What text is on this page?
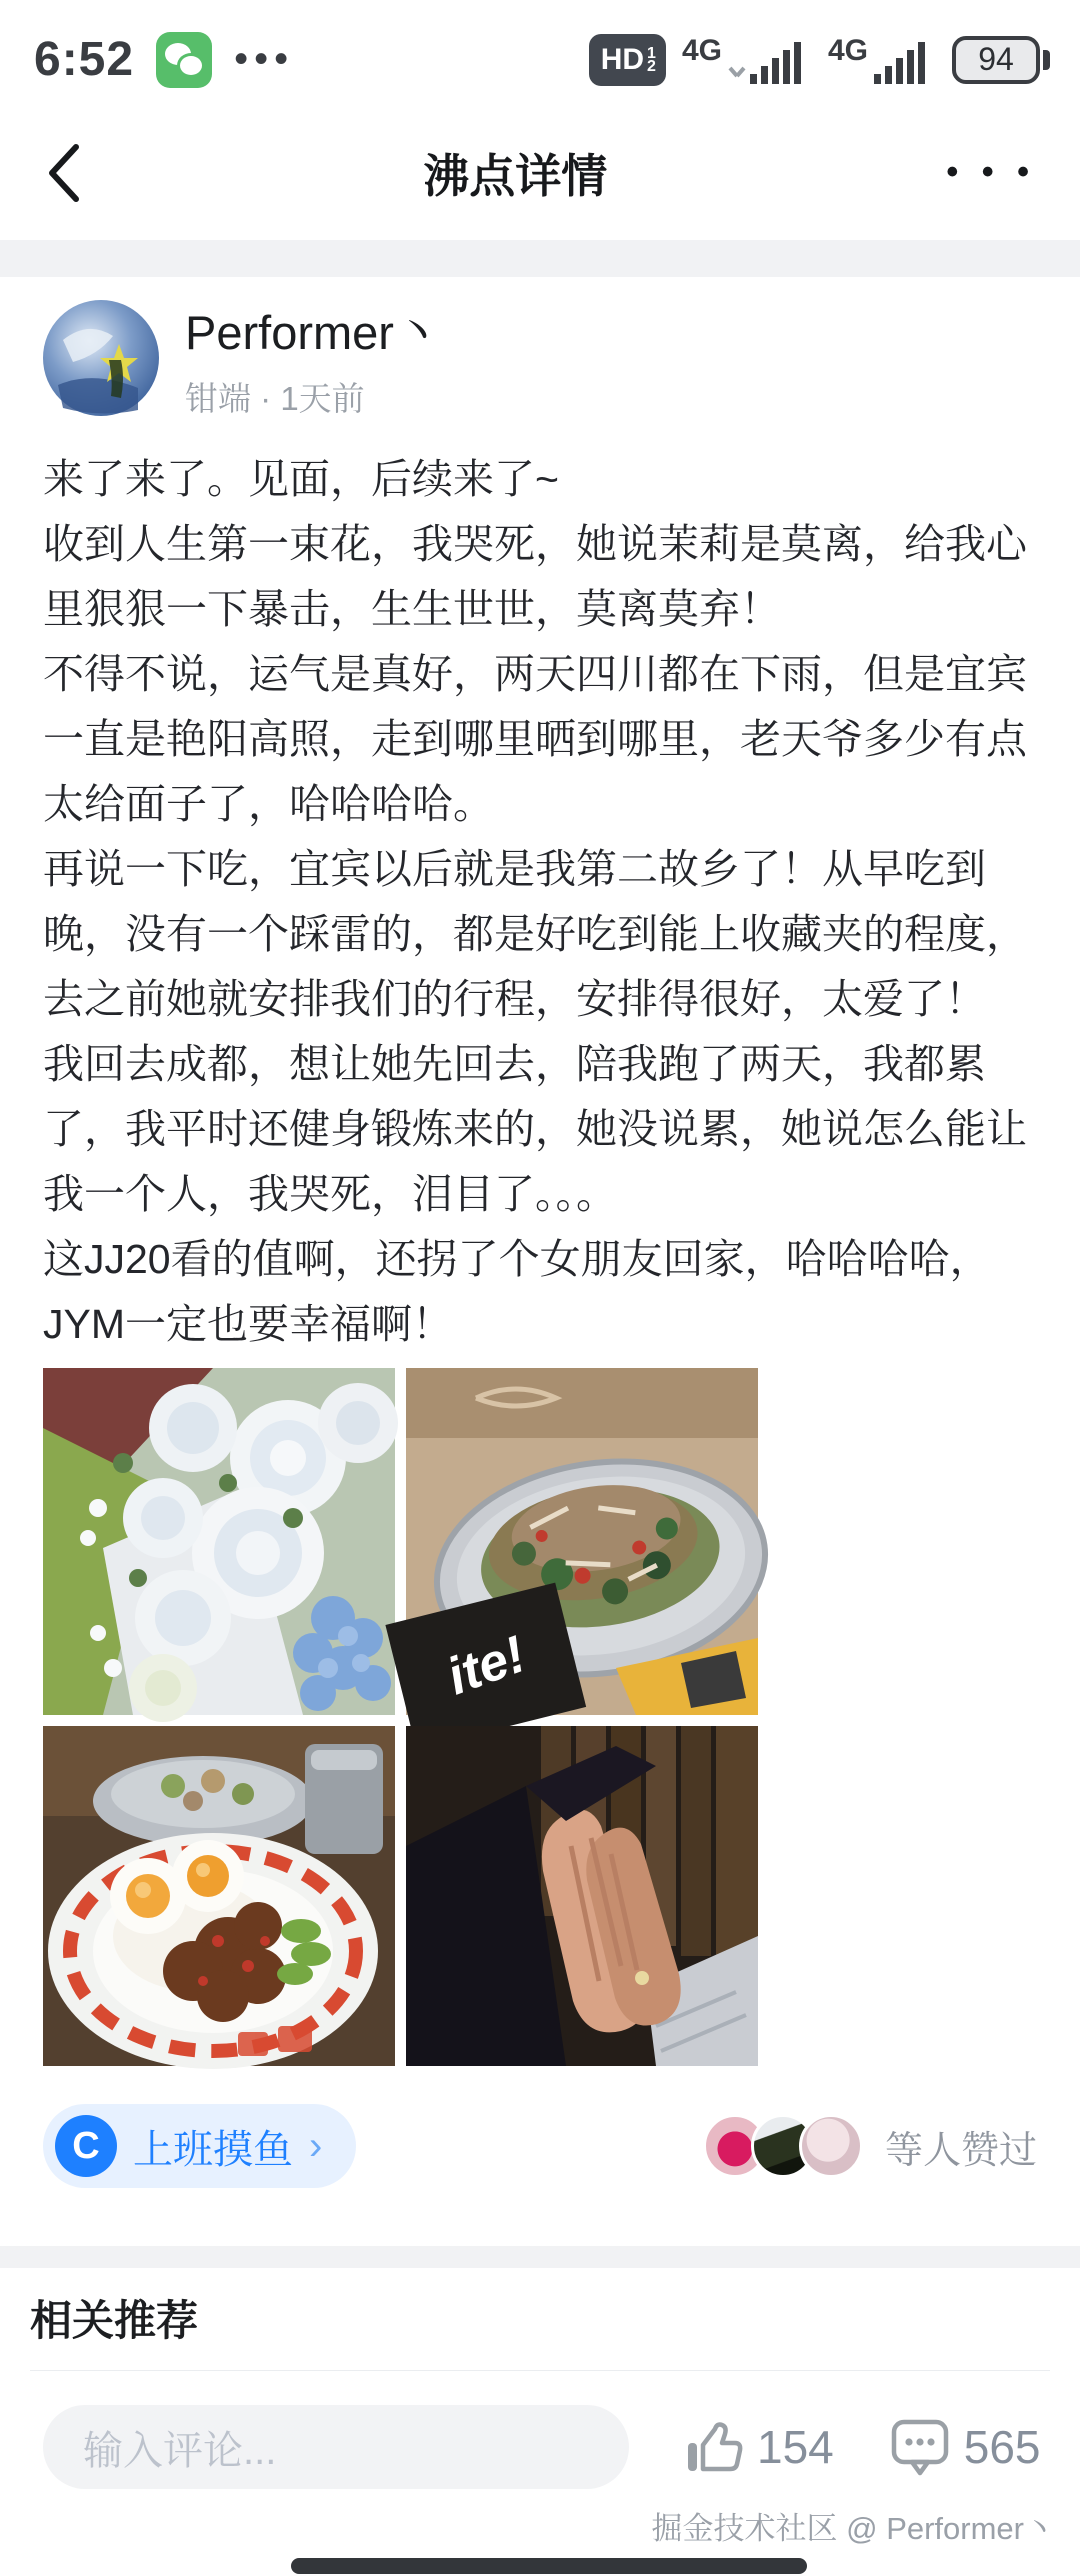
6:52	•••	HD 1
2 4G	4G	94
沸点详情	• • •
Performer丶
钳端 · 1天前
来了来了。见面，后续来了~
收到人生第一束花，我哭死，她说茉莉是莫离，给我心
里狠狠一下暴击，生生世世，莫离莫弃！
不得不说，运气是真好，两天四川都在下雨，但是宜宾
一直是艳阳高照，走到哪里晒到哪里，老天爷多少有点
太给面子了，哈哈哈哈。
再说一下吃，宜宾以后就是我第二故乡了！从早吃到
晚，没有一个踩雷的，都是好吃到能上收藏夹的程度，
去之前她就安排我们的行程，安排得很好，太爱了！
我回去成都，想让她先回去，陪我跑了两天，我都累
了，我平时还健身锻炼来的，她没说累，她说怎么能让
我一个人，我哭死，泪目了。。。
这JJ20看的值啊，还拐了个女朋友回家，哈哈哈哈，
JYM一定也要幸福啊！
ite!
C 上班摸鱼 ›	等人赞过
相关推荐
输入评论...	154	565
掘金技术社区 @ Performer丶
